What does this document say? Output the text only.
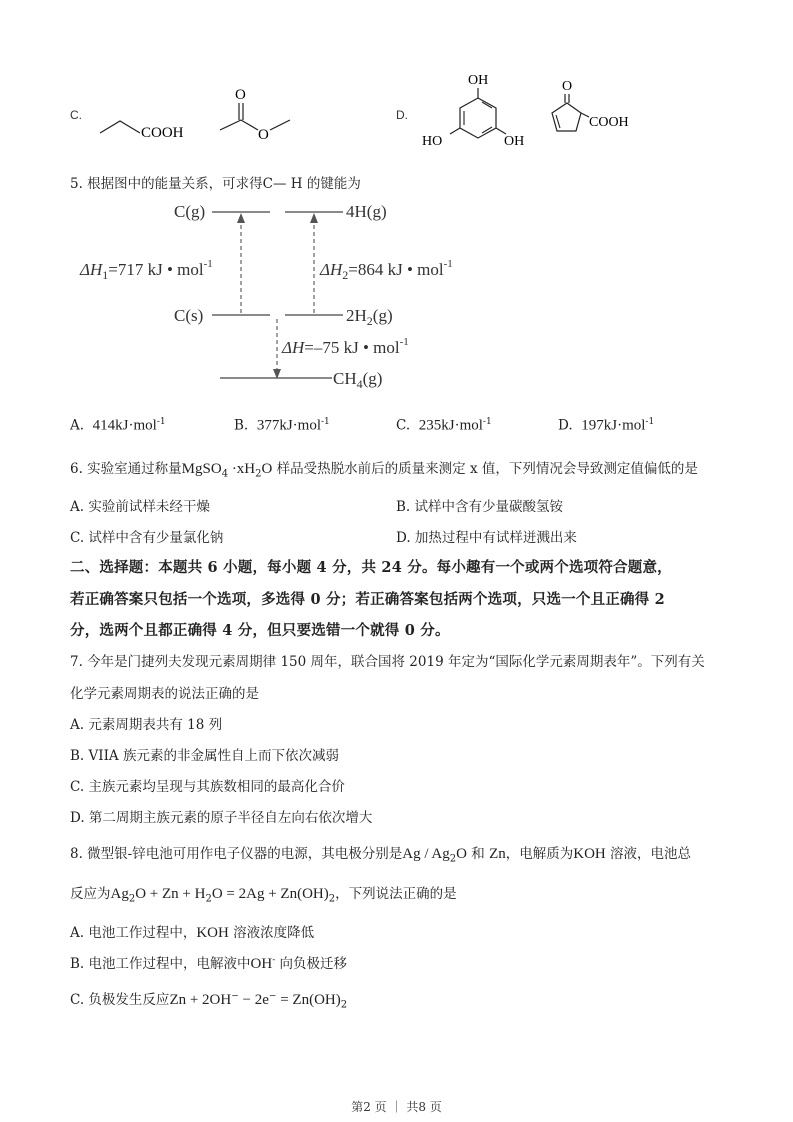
C.
COOH
O
O
D.
OH
HO	OH
O
COOH
5. 根据图中的能量关系，可求得C— H 的键能为
C(g)	4H(g)
C(s)	$2H_2(g)$
$CH_4(g)$
$\Delta H_1=717$ kJ • mol$^{-1}$	$\Delta H_2=864$ kJ • mol$^{-1}$
ΔH=–75 kJ • mol$^{-1}$
A. 414kJ·mol$^{-1}$	B. 377kJ·mol$^{-1}$	C. 235kJ·mol$^{-1}$	D. 197kJ·mol$^{-1}$
6. 实验室通过称量MgSO$_4$ $\cdot xH_2O$ 样品受热脱水前后的质量来测定 x 值，下列情况会导致测定值偏低的是
A. 实验前试样未经干燥	B. 试样中含有少量碳酸氢铵
C. 试样中含有少量氯化钠	D. 加热过程中有试样迸溅出来
二、选择题：本题共 6 小题，每小题 4 分，共 24 分。每小趣有一个或两个选项符合题意，
若正确答案只包括一个选项，多选得 0 分；若正确答案包括两个选项，只选一个且正确得 2
分，选两个且都正确得 4 分，但只要选错一个就得 0 分。
7. 今年是门捷列夫发现元素周期律 150 周年，联合国将 2019 年定为“国际化学元素周期表年”。下列有关
化学元素周期表的说法正确的是
A. 元素周期表共有 18 列
B. VIIA 族元素的非金属性自上而下依次减弱
C. 主族元素均呈现与其族数相同的最高化合价
D. 第二周期主族元素的原子半径自左向右依次增大
8. 微型银-锌电池可用作电子仪器的电源，其电极分别是Ag / $Ag_2O$ 和 Zn，电解质为KOH 溶液，电池总
反应为$Ag_2O + Zn + H_2O = 2Ag + Zn(OH)_2$，下列说法正确的是
A. 电池工作过程中，KOH 溶液浓度降低
B. 电池工作过程中，电解液中OH- 向负极迁移
C. 负极发生反应$Zn + 2OH^- - 2e^- = Zn(OH)_2$
第2 页 ｜ 共8 页
